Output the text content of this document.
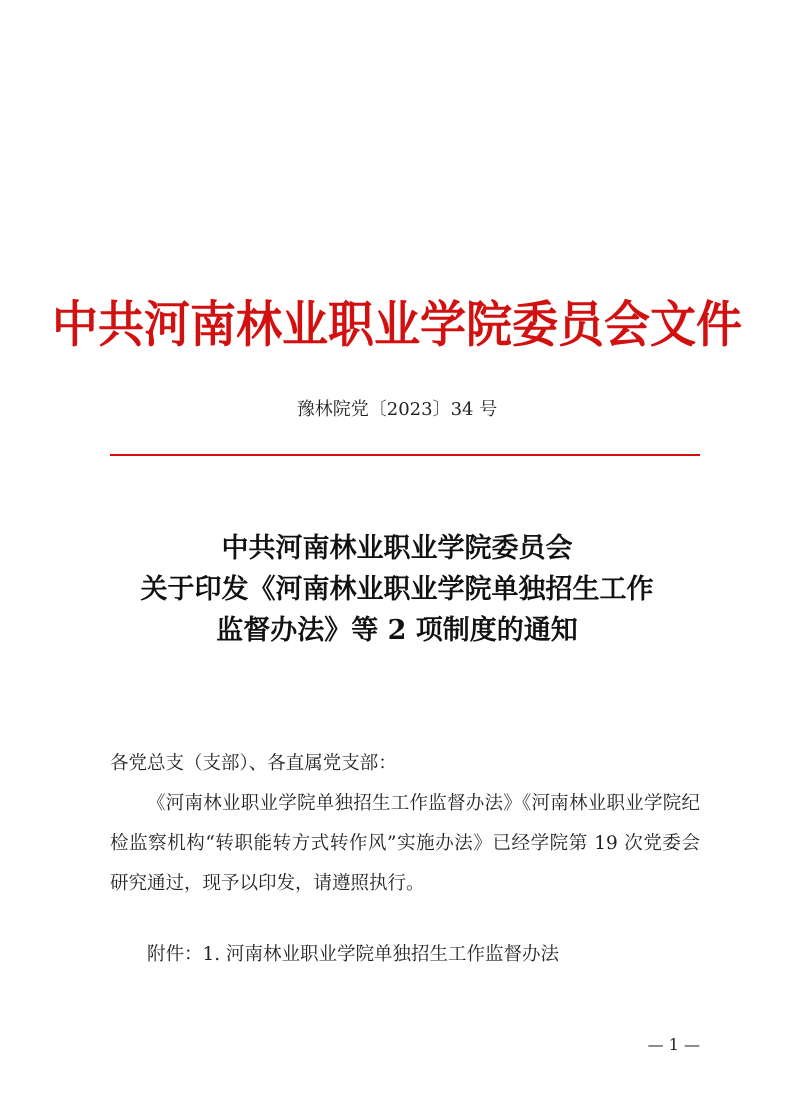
中共河南林业职业学院委员会文件
豫林院党〔2023〕34 号
中共河南林业职业学院委员会
关于印发《河南林业职业学院单独招生工作
监督办法》等 2 项制度的通知
各党总支（支部）、各直属党支部：
《河南林业职业学院单独招生工作监督办法》《河南林业职业学院纪检监察机构“转职能转方式转作风”实施办法》已经学院第 19 次党委会研究通过，现予以印发，请遵照执行。
附件：1. 河南林业职业学院单独招生工作监督办法
— 1 —
